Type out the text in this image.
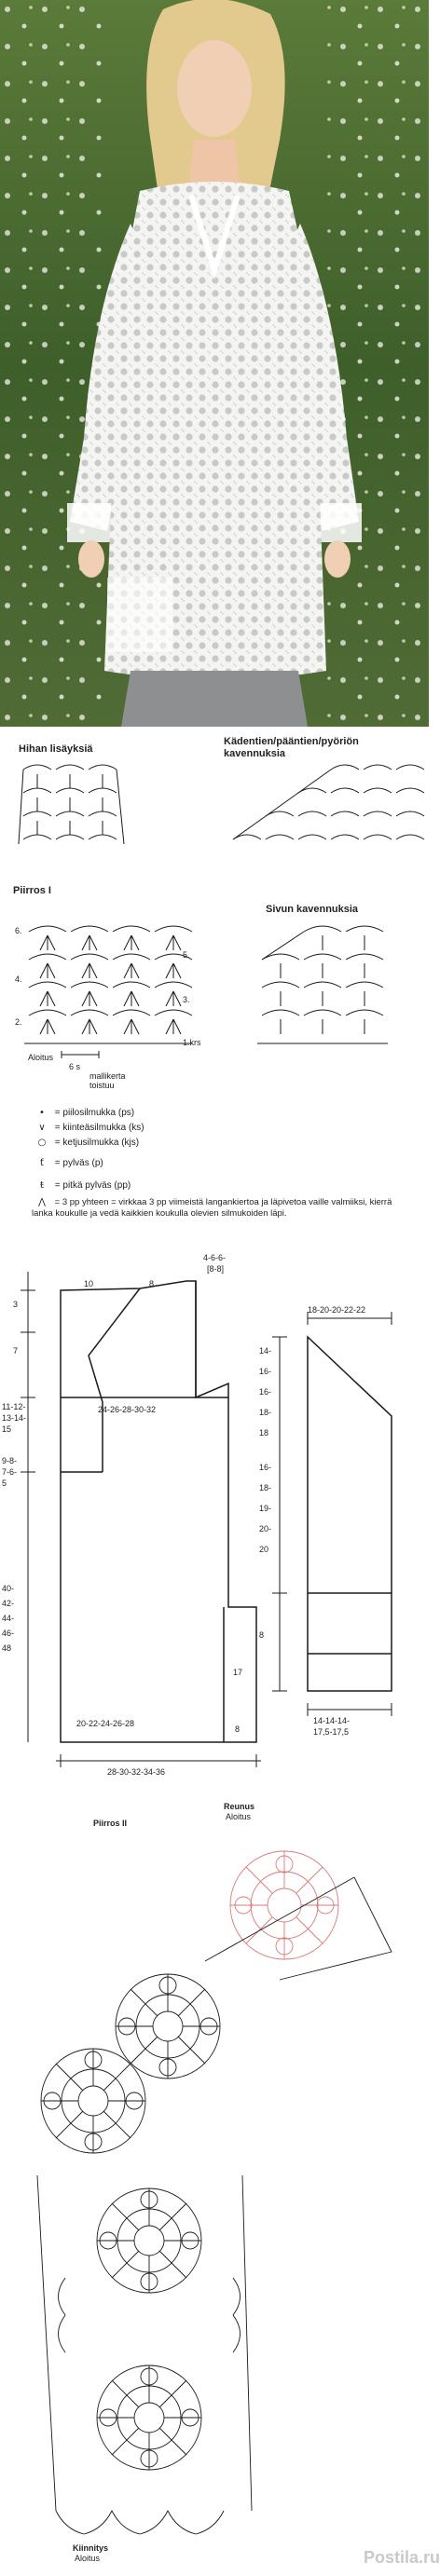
Hihan lisäyksiä
Kädentien/pääntien/pyöriön
kavennuksia
Piirros I
Sivun kavennuksia
6.
5.
4.
3.
2.
1.krs
Aloitus
6 s
mallikerta
toistuu
• = piilosilmukka (ps)
∨ = kiinteäsilmukka (ks)
○ = ketjusilmukka (kjs)
ƭ = pylväs (p)
ŧ = pitkä pylväs (pp)
⋀ = 3 pp yhteen = virkkaa 3 pp viimeistä langankiertoa ja läpivetoa vaille valmiiksi, kierrä lanka koukulle ja vedä kaikkien koukulla olevien silmukoiden läpi.
10	8
4-6-6-
[8-8]
3
7
11-12-
13-14-
15
9-8-
7-6-
5
40-
42-
44-
46-
48
24-26-28-30-32
20-22-24-26-28
28-30-32-34-36
17
8
18-20-20-22-22
14-
16-
16-
18-
18
16-
18-
19-
20-
20
8
14-14-14-
17,5-17,5
Piirros II
Reunus
Aloitus
Kiinnitys
Aloitus	Postila.ru
